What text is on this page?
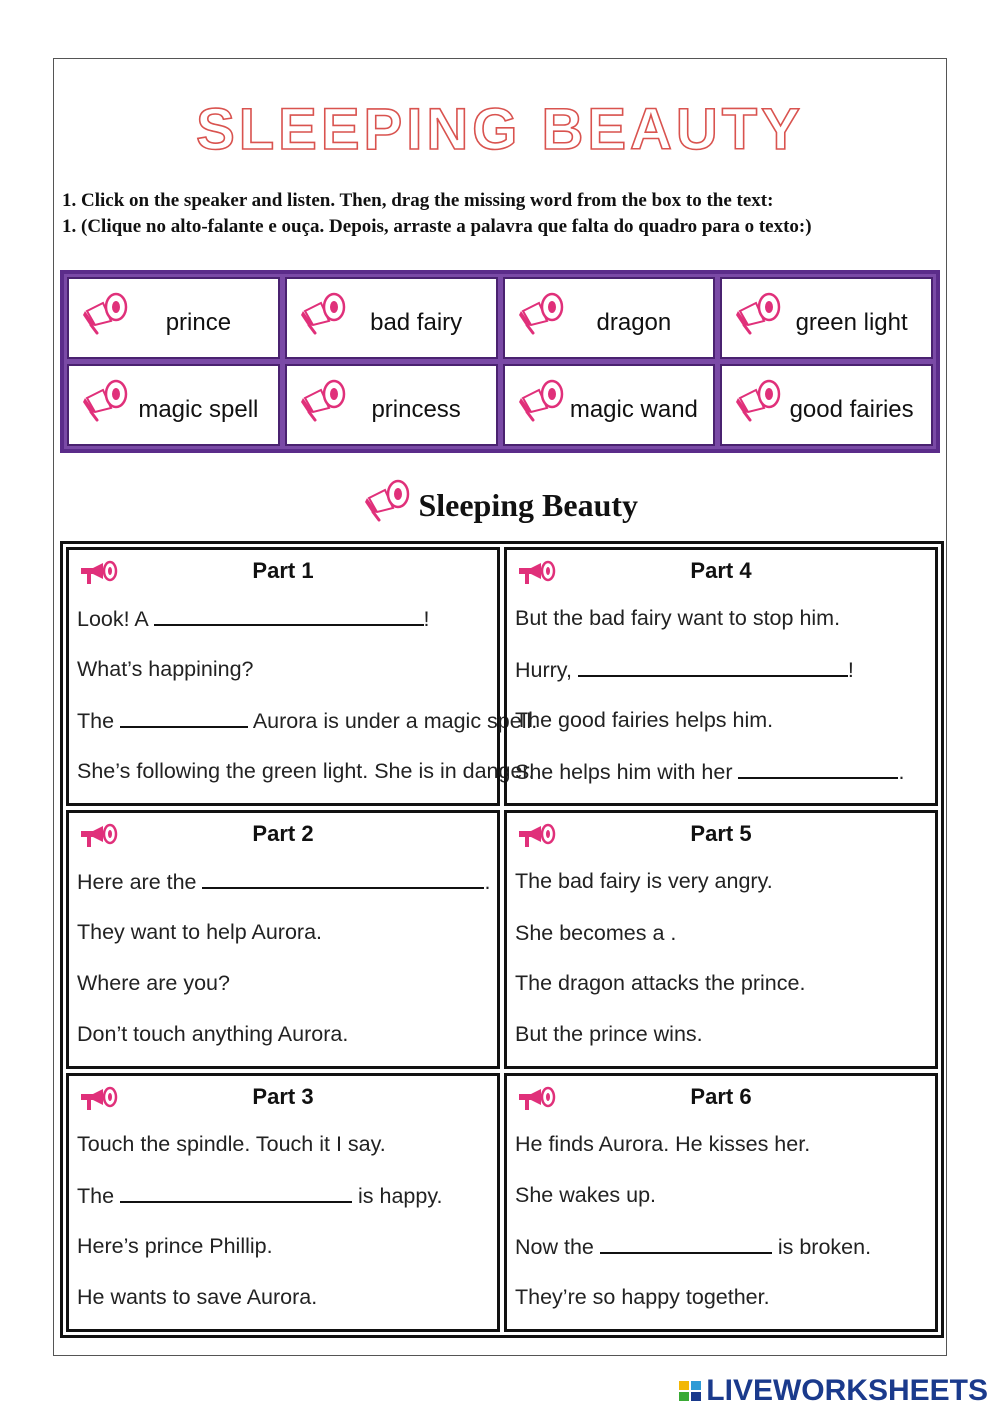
SLEEPING BEAUTY
1. Click on the speaker and listen. Then, drag the missing word from the box to the text:
1. (Clique no alto-falante e ouça. Depois, arraste a palavra que falta do quadro para o texto:)
prince	bad fairy	dragon	green light
magic spell	princess	magic wand	good fairies
Sleeping Beauty
Part 1
Look! A	!
What’s happining?
The	Aurora is under a magic spell.
She’s following the green light. She is in danger.
Part 4
But the bad fairy want to stop him.
Hurry,	!
The good fairies helps him.
She helps him with her	.
Part 2
Here are the	.
They want to help Aurora.
Where are you?
Don’t touch anything Aurora.
Part 5
The bad fairy is very angry.
She becomes a .
The dragon attacks the prince.
But the prince wins.
Part 3
Touch the spindle. Touch it I say.
The	is happy.
Here’s prince Phillip.
He wants to save Aurora.
Part 6
He finds Aurora. He kisses her.
She wakes up.
Now the	is broken.
They’re so happy together.
LIVEWORKSHEETS
